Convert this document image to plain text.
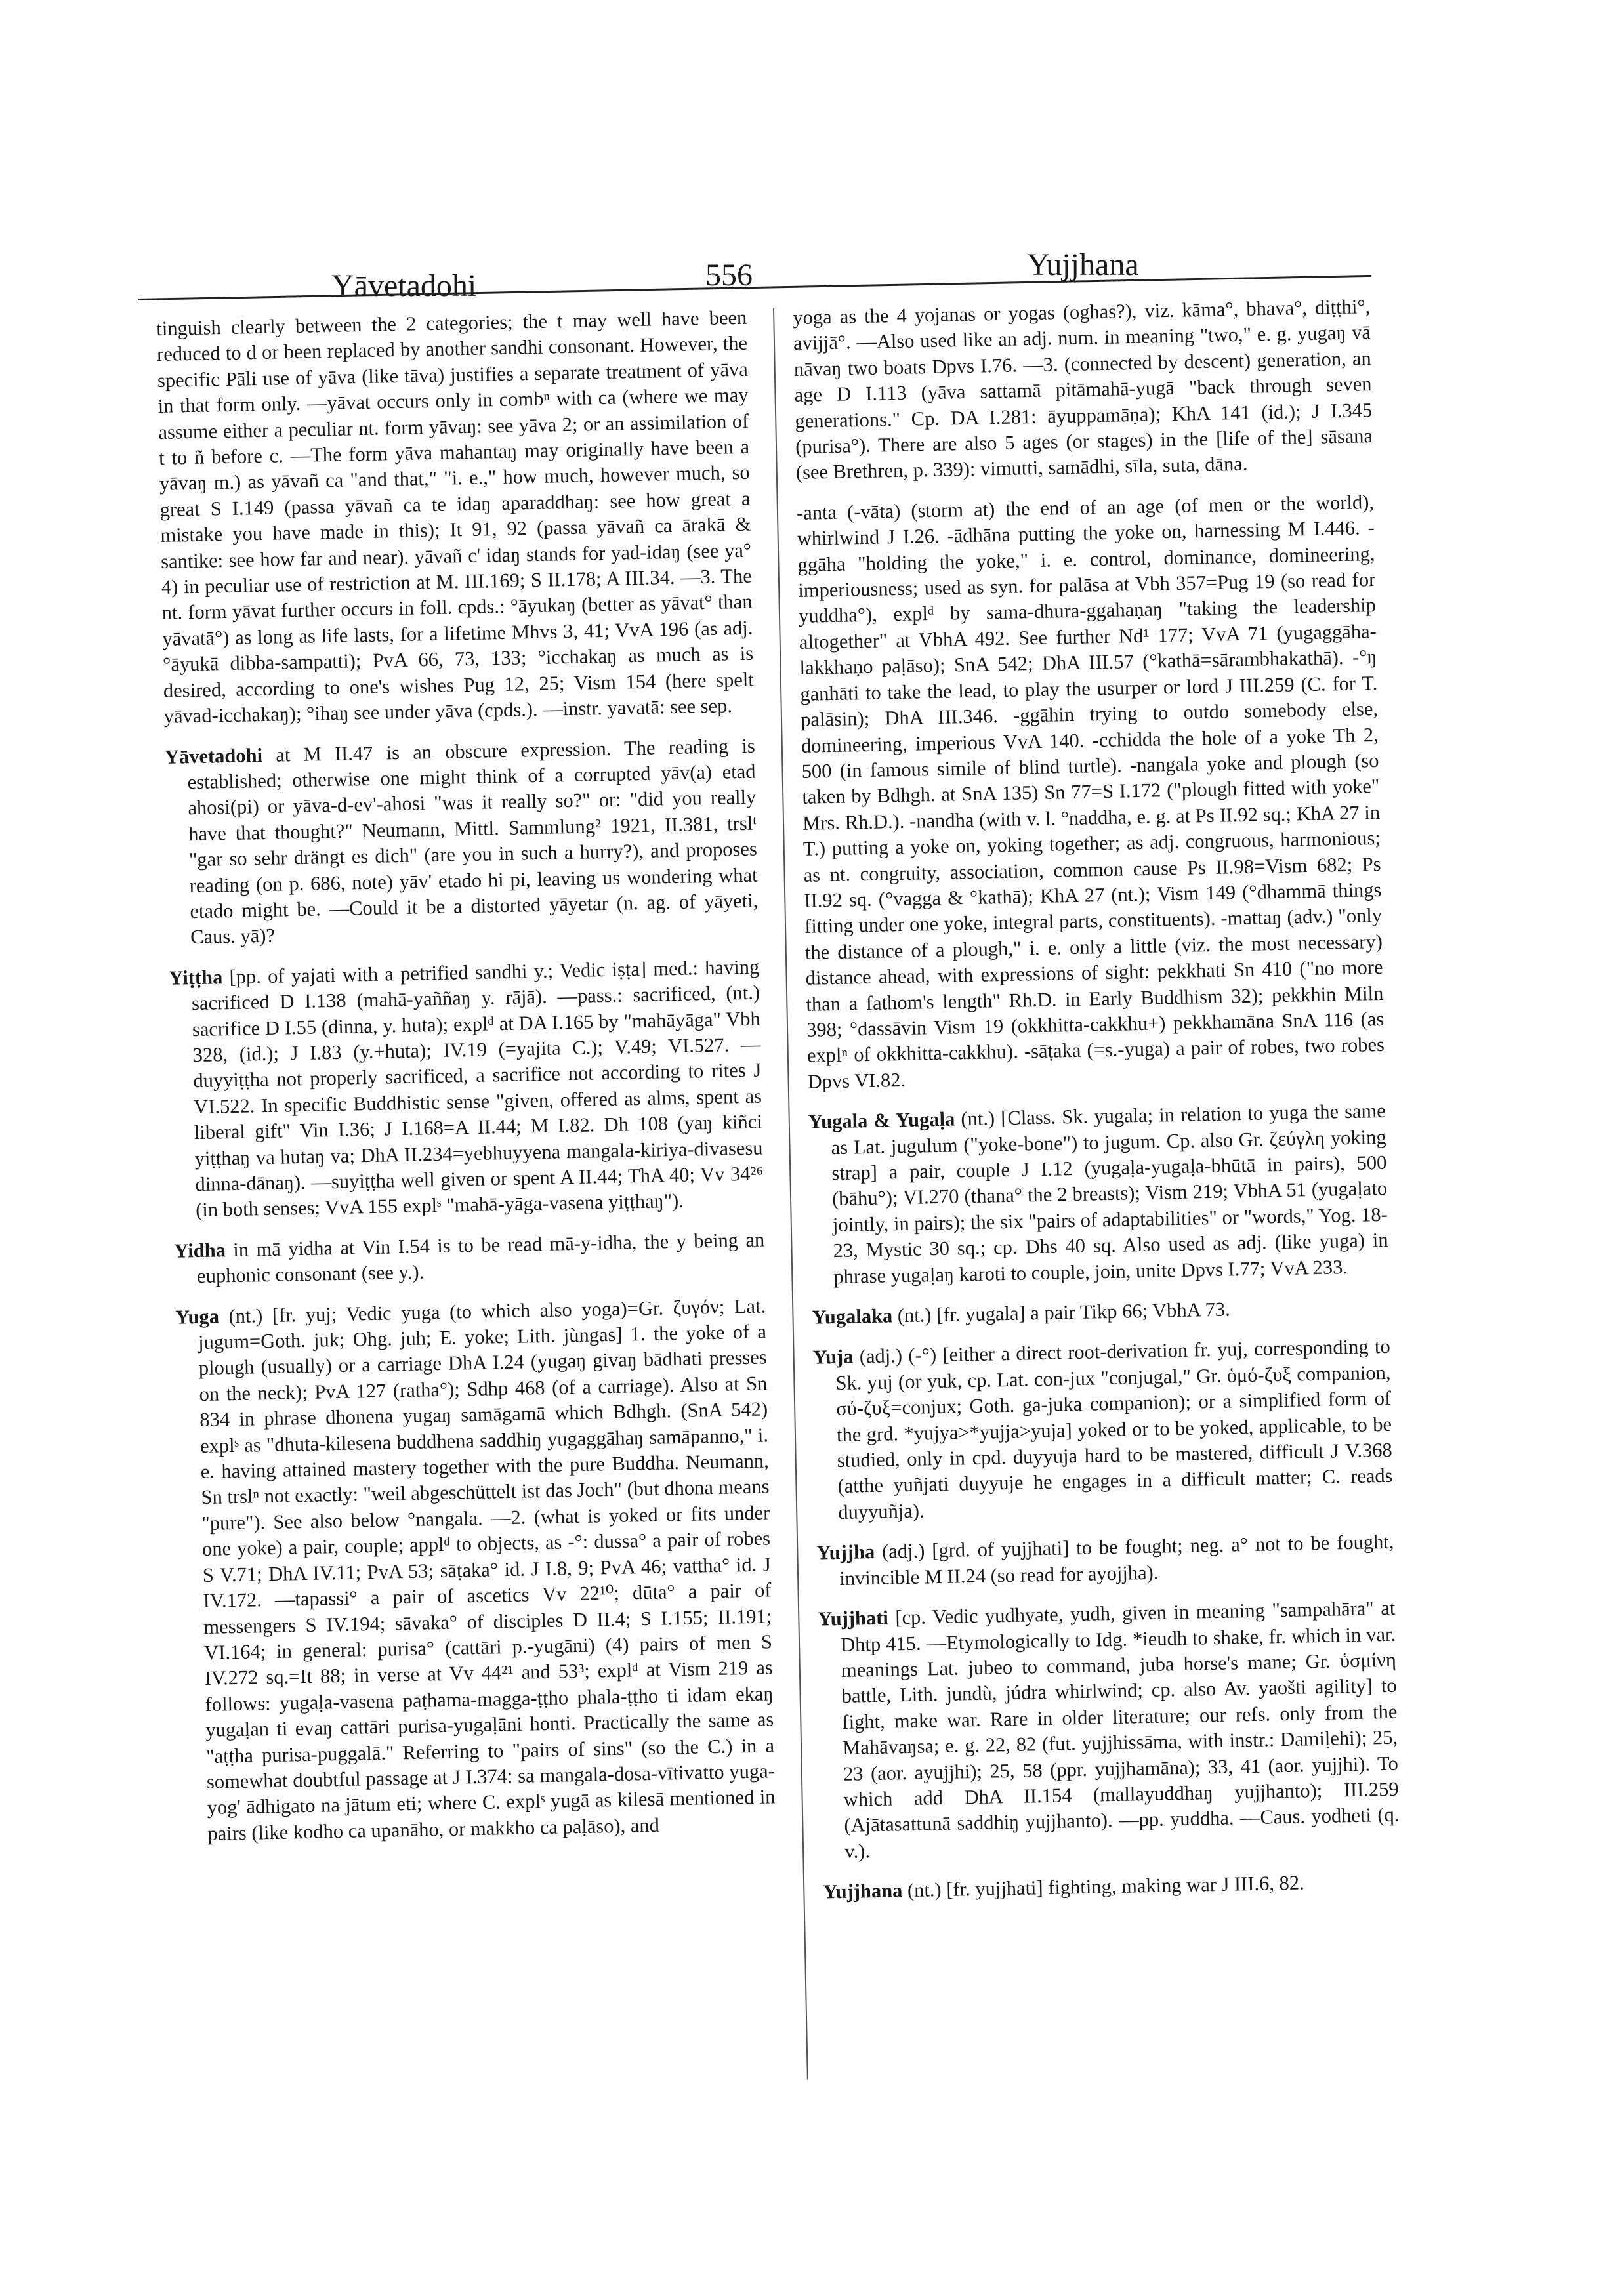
Yāvetadohi	556	Yujjhana

tinguish clearly between the 2 categories; the t may well have been reduced to d or been replaced by another sandhi consonant. However, the specific Pāli use of yāva (like tāva) justifies a separate treatment of yāva in that form only. —yāvat occurs only in combⁿ with ca (where we may assume either a peculiar nt. form yāvaŋ: see yāva 2; or an assimilation of t to ñ before c. —The form yāva mahantaŋ may originally have been a yāvaŋ m.) as yāvañ ca "and that," "i. e.," how much, however much, so great S I.149 (passa yāvañ ca te idaŋ aparaddhaŋ: see how great a mistake you have made in this); It 91, 92 (passa yāvañ ca ārakā & santike: see how far and near). yāvañ c' idaŋ stands for yad-idaŋ (see ya° 4) in peculiar use of restriction at M. III.169; S II.178; A III.34. —3. The nt. form yāvat further occurs in foll. cpds.: °āyukaŋ (better as yāvat° than yāvatā°) as long as life lasts, for a lifetime Mhvs 3, 41; VvA 196 (as adj. °āyukā dibba-sampatti); PvA 66, 73, 133; °icchakaŋ as much as is desired, according to one's wishes Pug 12, 25; Vism 154 (here spelt yāvad-icchakaŋ); °ihaŋ see under yāva (cpds.). —instr. yavatā: see sep.

Yāvetadohi at M II.47 is an obscure expression. The reading is established; otherwise one might think of a corrupted yāv(a) etad ahosi(pi) or yāva-d-ev'-ahosi "was it really so?" or: "did you really have that thought?" Neumann, Mittl. Sammlung² 1921, II.381, trslᵗ "gar so sehr drängt es dich" (are you in such a hurry?), and proposes reading (on p. 686, note) yāv' etado hi pi, leaving us wondering what etado might be. —Could it be a distorted yāyetar (n. ag. of yāyeti, Caus. yā)?

Yiṭṭha [pp. of yajati with a petrified sandhi y.; Vedic iṣṭa] med.: having sacrificed D I.138 (mahā-yaññaŋ y. rājā). —pass.: sacrificed, (nt.) sacrifice D I.55 (dinna, y. huta); explᵈ at DA I.165 by "mahāyāga" Vbh 328, (id.); J I.83 (y.+huta); IV.19 (=yajita C.); V.49; VI.527. —duyyiṭṭha not properly sacrificed, a sacrifice not according to rites J VI.522. In specific Buddhistic sense "given, offered as alms, spent as liberal gift" Vin I.36; J I.168=A II.44; M I.82. Dh 108 (yaŋ kiñci yiṭṭhaŋ va hutaŋ va; DhA II.234=yebhuyyena mangala-kiriya-divasesu dinna-dānaŋ). —suyiṭṭha well given or spent A II.44; ThA 40; Vv 34²⁶ (in both senses; VvA 155 explˢ "mahā-yāga-vasena yiṭṭhaŋ").

Yidha in mā yidha at Vin I.54 is to be read mā-y-idha, the y being an euphonic consonant (see y.).

Yuga (nt.) [fr. yuj; Vedic yuga (to which also yoga)=Gr. ζυγόν; Lat. jugum=Goth. juk; Ohg. juh; E. yoke; Lith. jùngas] 1. the yoke of a plough (usually) or a carriage DhA I.24 (yugaŋ givaŋ bādhati presses on the neck); PvA 127 (ratha°); Sdhp 468 (of a carriage). Also at Sn 834 in phrase dhonena yugaŋ samāgamā which Bdhgh. (SnA 542) explˢ as "dhuta-kilesena buddhena saddhiŋ yugaggāhaŋ samāpanno," i. e. having attained mastery together with the pure Buddha. Neumann, Sn trslⁿ not exactly: "weil abgeschüttelt ist das Joch" (but dhona means "pure"). See also below °nangala. —2. (what is yoked or fits under one yoke) a pair, couple; applᵈ to objects, as -°: dussa° a pair of robes S V.71; DhA IV.11; PvA 53; sāṭaka° id. J I.8, 9; PvA 46; vattha° id. J IV.172. —tapassi° a pair of ascetics Vv 22¹⁰; dūta° a pair of messengers S IV.194; sāvaka° of disciples D II.4; S I.155; II.191; VI.164; in general: purisa° (cattāri p.-yugāni) (4) pairs of men S IV.272 sq.=It 88; in verse at Vv 44²¹ and 53³; explᵈ at Vism 219 as follows: yugaḷa-vasena paṭhama-magga-ṭṭho phala-ṭṭho ti idam ekaŋ yugaḷan ti evaŋ cattāri purisa-yugaḷāni honti. Practically the same as "aṭṭha purisa-puggalā." Referring to "pairs of sins" (so the C.) in a somewhat doubtful passage at J I.374: sa mangala-dosa-vītivatto yuga-yog' ādhigato na jātum eti; where C. explˢ yugā as kilesā mentioned in pairs (like kodho ca upanāho, or makkho ca paḷāso), and

yoga as the 4 yojanas or yogas (oghas?), viz. kāma°, bhava°, diṭṭhi°, avijjā°. —Also used like an adj. num. in meaning "two," e. g. yugaŋ vā nāvaŋ two boats Dpvs I.76. —3. (connected by descent) generation, an age D I.113 (yāva sattamā pitāmahā-yugā "back through seven generations." Cp. DA I.281: āyuppamāṇa); KhA 141 (id.); J I.345 (purisa°). There are also 5 ages (or stages) in the [life of the] sāsana (see Brethren, p. 339): vimutti, samādhi, sīla, suta, dāna.

-anta (-vāta) (storm at) the end of an age (of men or the world), whirlwind J I.26. -ādhāna putting the yoke on, harnessing M I.446. -ggāha "holding the yoke," i. e. control, dominance, domineering, imperiousness; used as syn. for palāsa at Vbh 357=Pug 19 (so read for yuddha°), explᵈ by sama-dhura-ggahaṇaŋ "taking the leadership altogether" at VbhA 492. See further Nd¹ 177; VvA 71 (yugaggāha-lakkhaṇo paḷāso); SnA 542; DhA III.57 (°kathā=sārambhakathā). -°ŋ ganhāti to take the lead, to play the usurper or lord J III.259 (C. for T. palāsin); DhA III.346. -ggāhin trying to outdo somebody else, domineering, imperious VvA 140. -cchidda the hole of a yoke Th 2, 500 (in famous simile of blind turtle). -nangala yoke and plough (so taken by Bdhgh. at SnA 135) Sn 77=S I.172 ("plough fitted with yoke" Mrs. Rh.D.). -nandha (with v. l. °naddha, e. g. at Ps II.92 sq.; KhA 27 in T.) putting a yoke on, yoking together; as adj. congruous, harmonious; as nt. congruity, association, common cause Ps II.98=Vism 682; Ps II.92 sq. (°vagga & °kathā); KhA 27 (nt.); Vism 149 (°dhammā things fitting under one yoke, integral parts, constituents). -mattaŋ (adv.) "only the distance of a plough," i. e. only a little (viz. the most necessary) distance ahead, with expressions of sight: pekkhati Sn 410 ("no more than a fathom's length" Rh.D. in Early Buddhism 32); pekkhin Miln 398; °dassāvin Vism 19 (okkhitta-cakkhu+) pekkhamāna SnA 116 (as explⁿ of okkhitta-cakkhu). -sāṭaka (=s.-yuga) a pair of robes, two robes Dpvs VI.82.

Yugala & Yugaḷa (nt.) [Class. Sk. yugala; in relation to yuga the same as Lat. jugulum ("yoke-bone") to jugum. Cp. also Gr. ζεύγλη yoking strap] a pair, couple J I.12 (yugaḷa-yugaḷa-bhūtā in pairs), 500 (bāhu°); VI.270 (thana° the 2 breasts); Vism 219; VbhA 51 (yugaḷato jointly, in pairs); the six "pairs of adaptabilities" or "words," Yog. 18-23, Mystic 30 sq.; cp. Dhs 40 sq. Also used as adj. (like yuga) in phrase yugaḷaŋ karoti to couple, join, unite Dpvs I.77; VvA 233.

Yugalaka (nt.) [fr. yugala] a pair Tikp 66; VbhA 73.

Yuja (adj.) (-°) [either a direct root-derivation fr. yuj, corresponding to Sk. yuj (or yuk, cp. Lat. con-jux "conjugal," Gr. ὁμό-ζυξ companion, σύ-ζυξ=conjux; Goth. ga-juka companion); or a simplified form of the grd. *yujya>*yujja>yuja] yoked or to be yoked, applicable, to be studied, only in cpd. duyyuja hard to be mastered, difficult J V.368 (atthe yuñjati duyyuje he engages in a difficult matter; C. reads duyyuñja).

Yujjha (adj.) [grd. of yujjhati] to be fought; neg. a° not to be fought, invincible M II.24 (so read for ayojjha).

Yujjhati [cp. Vedic yudhyate, yudh, given in meaning "sampahāra" at Dhtp 415. —Etymologically to Idg. *ieudh to shake, fr. which in var. meanings Lat. jubeo to command, juba horse's mane; Gr. ὑσμίνη battle, Lith. jundù, júdra whirlwind; cp. also Av. yaošti agility] to fight, make war. Rare in older literature; our refs. only from the Mahāvaŋsa; e. g. 22, 82 (fut. yujjhissāma, with instr.: Damiḷehi); 25, 23 (aor. ayujjhi); 25, 58 (ppr. yujjhamāna); 33, 41 (aor. yujjhi). To which add DhA II.154 (mallayuddhaŋ yujjhanto); III.259 (Ajātasattunā saddhiŋ yujjhanto). —pp. yuddha. —Caus. yodheti (q. v.).

Yujjhana (nt.) [fr. yujjhati] fighting, making war J III.6, 82.
